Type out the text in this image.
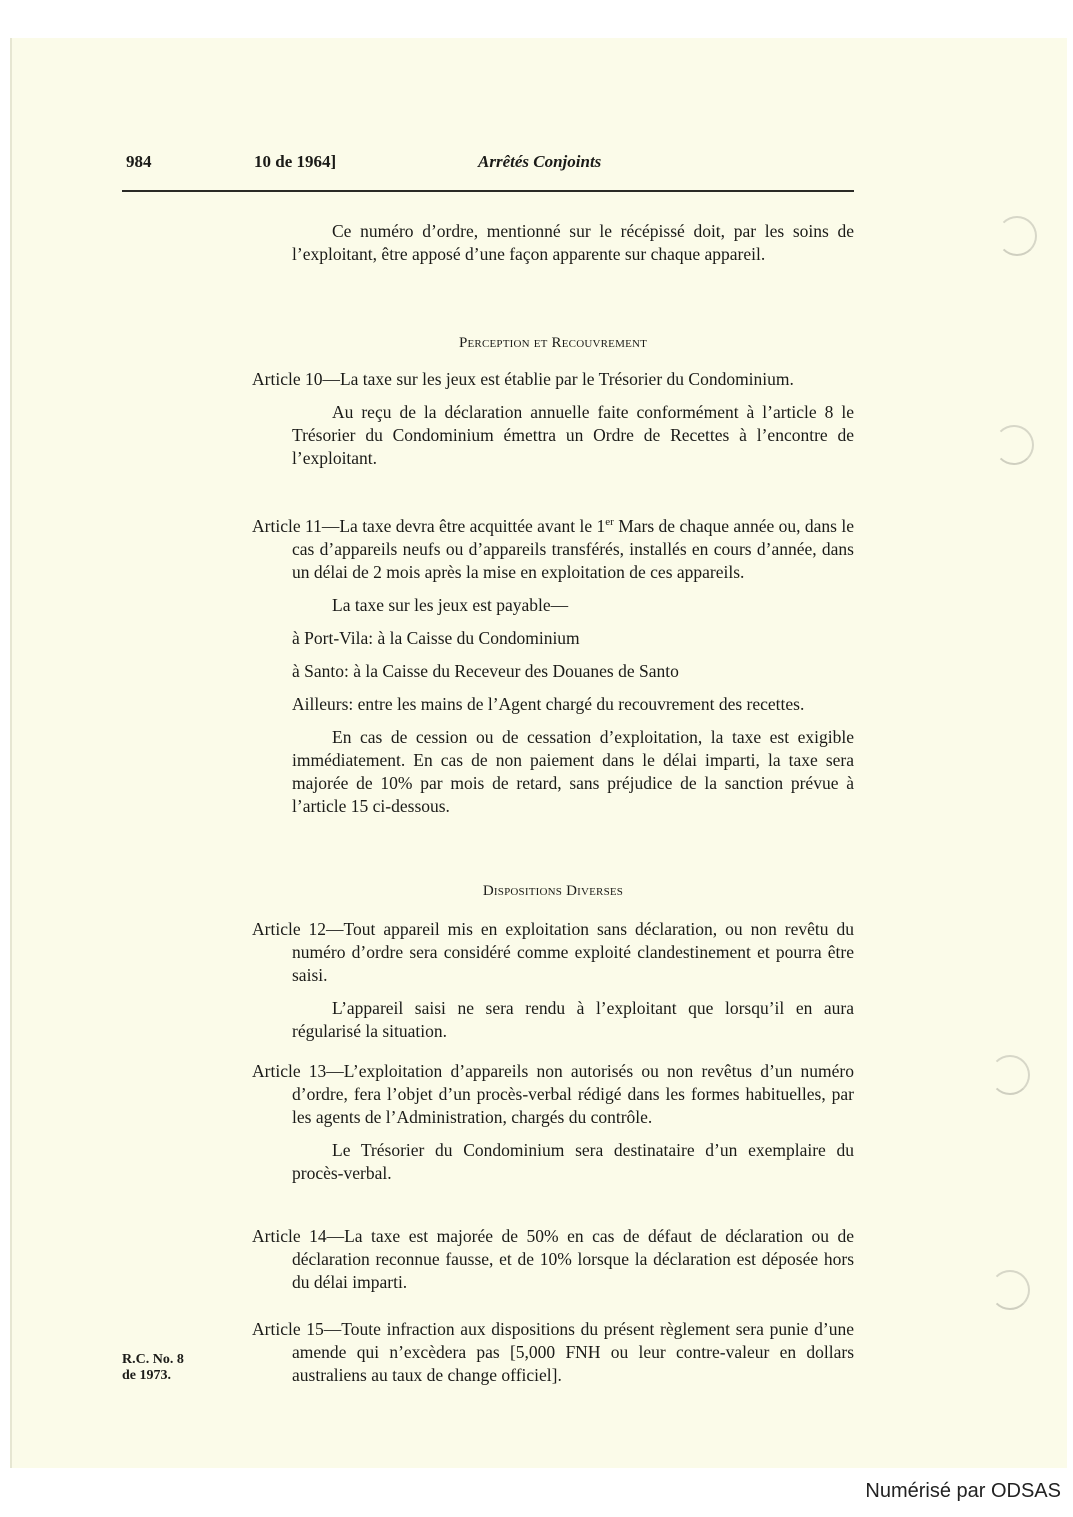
984	10 de 1964]	Arrêtés Conjoints

Ce numéro d’ordre, mentionné sur le récépissé doit, par les soins de l’exploitant, être apposé d’une façon apparente sur chaque appareil.

Perception et Recouvrement

Article 10—La taxe sur les jeux est établie par le Trésorier du Condominium.

Au reçu de la déclaration annuelle faite conformément à l’article 8 le Trésorier du Condominium émettra un Ordre de Recettes à l’encontre de l’exploitant.

Article 11—La taxe devra être acquittée avant le 1er Mars de chaque année ou, dans le cas d’appareils neufs ou d’appareils transférés, installés en cours d’année, dans un délai de 2 mois après la mise en exploitation de ces appareils.

La taxe sur les jeux est payable—

à Port-Vila: à la Caisse du Condominium

à Santo: à la Caisse du Receveur des Douanes de Santo

Ailleurs: entre les mains de l’Agent chargé du recouvrement des recettes.

En cas de cession ou de cessation d’exploitation, la taxe est exigible immédiatement. En cas de non paiement dans le délai imparti, la taxe sera majorée de 10% par mois de retard, sans préjudice de la sanction prévue à l’article 15 ci-dessous.

Dispositions Diverses

Article 12—Tout appareil mis en exploitation sans déclaration, ou non revêtu du numéro d’ordre sera considéré comme exploité clandestinement et pourra être saisi.

L’appareil saisi ne sera rendu à l’exploitant que lorsqu’il en aura régularisé la situation.

Article 13—L’exploitation d’appareils non autorisés ou non revêtus d’un numéro d’ordre, fera l’objet d’un procès-verbal rédigé dans les formes habituelles, par les agents de l’Administration, chargés du contrôle.

Le Trésorier du Condominium sera destinataire d’un exemplaire du procès-verbal.

Article 14—La taxe est majorée de 50% en cas de défaut de déclaration ou de déclaration reconnue fausse, et de 10% lorsque la déclaration est déposée hors du délai imparti.

Article 15—Toute infraction aux dispositions du présent règlement sera punie d’une amende qui n’excèdera pas [5,000 FNH ou leur contre-valeur en dollars australiens au taux de change officiel].

R.C. No. 8
de 1973.
Numérisé par ODSAS
